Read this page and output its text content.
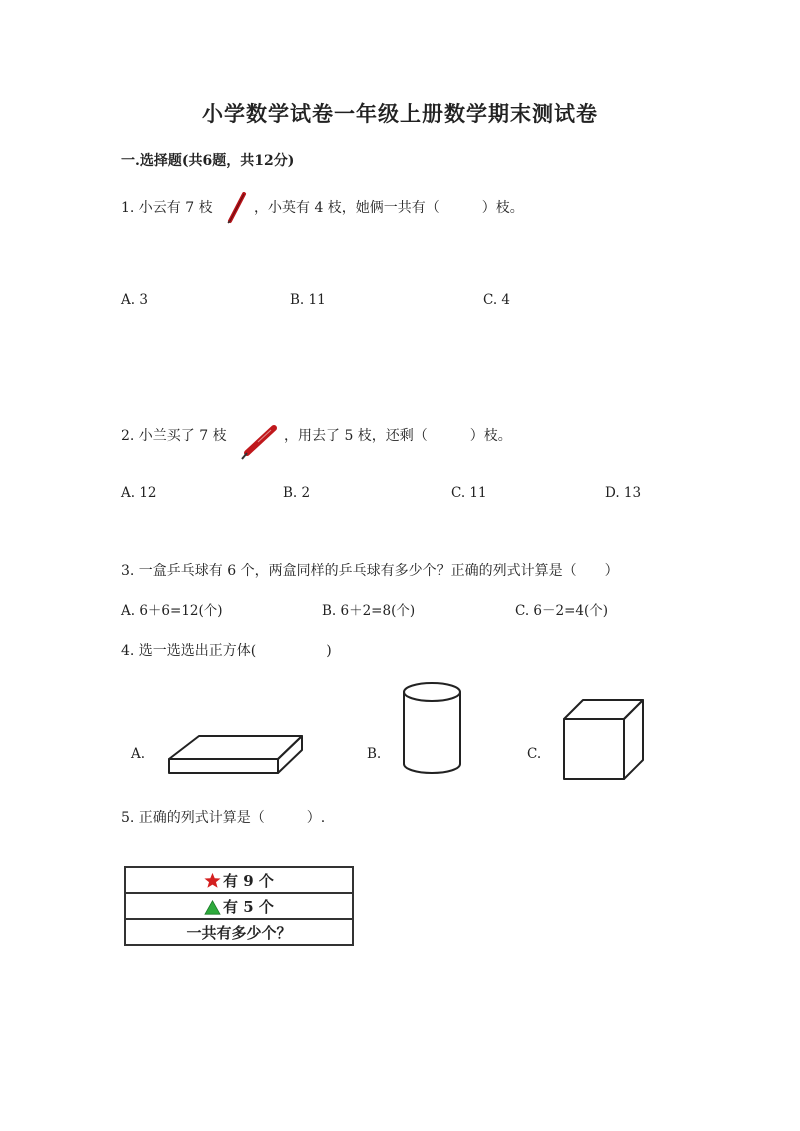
小学数学试卷一年级上册数学期末测试卷
一.选择题(共6题，共12分)
1. 小云有 7 枝	，小英有 4 枝，她俩一共有（　　　）枝。
A. 3	B. 11	C. 4
2. 小兰买了 7 枝	，用去了 5 枝，还剩（　　　）枝。
A. 12	B. 2	C. 11	D. 13
3. 一盒乒乓球有 6 个，两盒同样的乒乓球有多少个？正确的列式计算是（　　）
A. 6＋6=12(个)	B. 6＋2=8(个)	C. 6－2=4(个)
4. 选一选选出正方体(　　　　　)
A.	B.	C.
5. 正确的列式计算是（　　　）.
有 9 个
有 5 个
一共有多少个？
